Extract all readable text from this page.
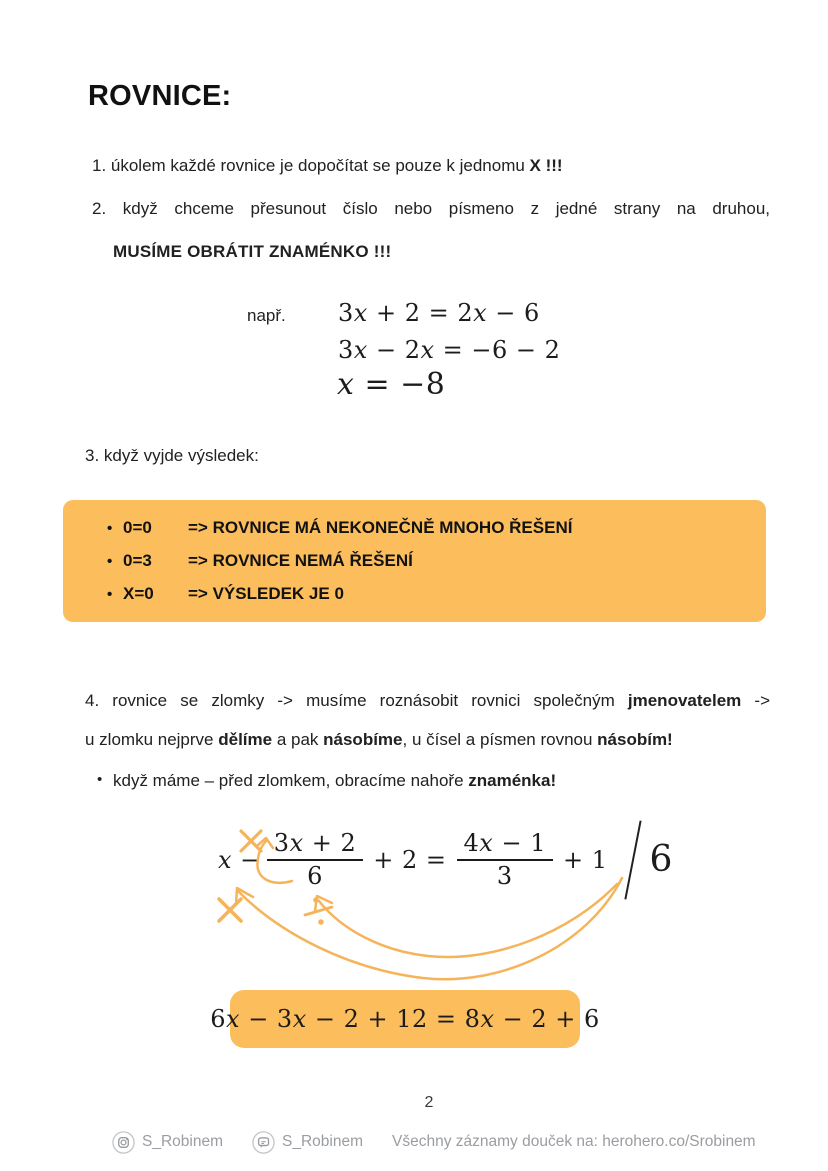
ROVNICE:
1. úkolem každé rovnice je dopočítat se pouze k jednomu X !!!
2. když chceme přesunout číslo nebo písmeno z jedné strany na druhou,
MUSÍME OBRÁTIT ZNAMÉNKO !!!
např. 3x + 2 = 2x − 6
3x − 2x = −6 − 2
x = −8
3. když vyjde výsledek:
• 0=0	=> ROVNICE MÁ NEKONEČNĚ MNOHO ŘEŠENÍ
• 0=3	=> ROVNICE NEMÁ ŘEŠENÍ
• X=0	=> VÝSLEDEK JE 0
4. rovnice se zlomky -> musíme roznásobit rovnici společným jmenovatelem ->
u zlomku nejprve dělíme a pak násobíme, u čísel a písmen rovnou násobím!
• když máme – před zlomkem, obracíme nahoře znaménka!
$x - \frac{3x + 2}{6} + 2 = \frac{4x - 1}{3} + 1$ 6
6x − 3x − 2 + 12 = 8x − 2 + 6
2
S_Robinem	S_Robinem Všechny záznamy douček na: herohero.co/Srobinem
